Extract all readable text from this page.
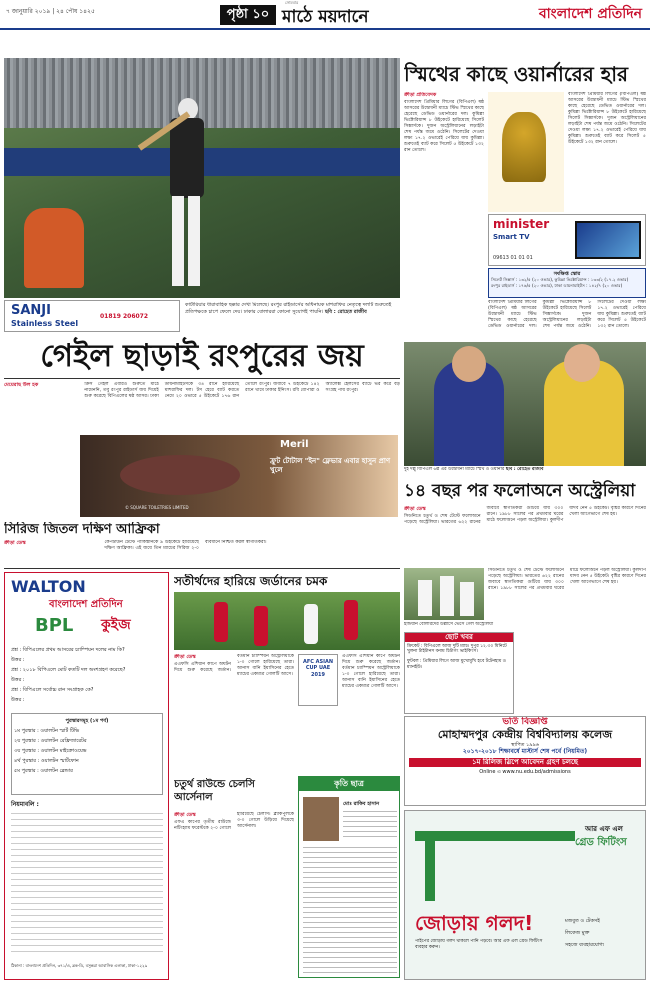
৭ জানুয়ারি ২০১৯ | ২৪ পৌষ ১৪২৫
সোমবার
পৃষ্ঠা ১০ মাঠে ময়দানে	বাংলাদেশ প্রতিদিন
SANJI
Stainless Steel
01819 206072
কার্টারিয়ার ধারাবাহিক ছক্কার দেখা মিলেছে। রংপুর রাইডার্সের অধিনায়ক মাশরাফির নেতৃত্বে দলটি শুরুতেই প্রতিপক্ষকে চাপে ফেলে দেয়। ঢাকার বোলাররা কোনো সুযোগই পায়নি। ছবি : রোহেত রাজীব
গেইল ছাড়াই রংপুরের জয়
মেয়েরাছ উল হক	ক্রিস গেইল এবারও শুরুতে মাঠে নামেননি, তবু রংপুর রাইডার্স জয় দিয়েই শুরু করেছে বিপিএলের ষষ্ঠ আসর। ঢাকা ডায়নামাইটসকে ৩৪ রানে হারিয়েছে মাশরাফির দল। টস হেরে ব্যাট করতে নেমে ২০ ওভারে ৫ উইকেটে ১৭৬ রান তোলে রংপুর। জবাবে ৭ উইকেটে ১৪২ রানে থামে ঢাকার ইনিংস। রবি বোপারা ও অ্যালেক্স হেলসের ব্যাটে ভর করে বড় সংগ্রহ পায় রংপুর।
Meril
ফ্রুট টোটাল "ইন" ফ্লেভার এবার হাসুন প্রাণ খুলে
© SQUARE TOILETRIES LIMITED
সিরিজ জিতল দক্ষিণ আফ্রিকা
ক্রীড়া ডেস্ক	কেপটাউন টেস্টে পাকিস্তানকে ৯ উইকেটে হারিয়েছে দক্ষিণ আফ্রিকা। এই জয়ে তিন ম্যাচের সিরিজ ২-০ ব্যবধানে নিশ্চিত করল স্বাগতিকরা।
WALTON
বাংলাদেশ প্রতিদিন
BPL কুইজ
প্রশ্ন : বিপিএলের প্রথম আসরের চ্যাম্পিয়ন দলের নাম কি?
উত্তর :
প্রশ্ন : ২০১৮ বিপিএলে মোট কতটি দল অংশগ্রহণ করেছে?
উত্তর :
প্রশ্ন : বিপিএলে সর্বোচ্চ রান সংগ্রাহক কে?
উত্তর :
পুরস্কারসমূহ (১ম পর্ব)
১ম পুরস্কার : ওয়ালটন স্মার্ট টিভি
২য় পুরস্কার : ওয়ালটন রেফ্রিজারেটর
৩য় পুরস্কার : ওয়ালটন মাইক্রোওয়েভ
৪র্থ পুরস্কার : ওয়ালটন স্মার্টফোন
৫ম পুরস্কার : ওয়ালটন ব্লেন্ডার
নিয়মাবলি :
ঠিকানা : বাংলাদেশ প্রতিদিন, ৩৭১/এ, ব্লক-ডি, বসুন্ধরা আবাসিক এলাকা, ঢাকা-১২২৯
সতীর্থদের হারিয়ে জর্ডানের চমক
ক্রীড়া ডেস্ক
এএফসি এশিয়ান কাপে অঘটন দিয়ে শুরু করেছে জর্ডান। বর্তমান চ্যাম্পিয়ন অস্ট্রেলিয়াকে ১-০ গোলে হারিয়েছে তারা। আনাস বানি ইয়াসিনের হেডে ম্যাচের একমাত্র গোলটি আসে।
AFC ASIAN CUP UAE 2019
এএফসি এশিয়ান কাপে অঘটন দিয়ে শুরু করেছে জর্ডান। বর্তমান চ্যাম্পিয়ন অস্ট্রেলিয়াকে ১-০ গোলে হারিয়েছে তারা। আনাস বানি ইয়াসিনের হেডে ম্যাচের একমাত্র গোলটি আসে।
চতুর্থ রাউন্ডে চেলসি আর্সেনাল
ক্রীড়া ডেস্ক
এফএ কাপের তৃতীয় রাউন্ডে নটিংহ্যাম ফরেস্টকে ২-০ গোলে হারিয়েছে চেলসি। ব্ল্যাকপুলকে ৩-০ গোলে উড়িয়ে দিয়েছে আর্সেনাল।
কৃতি ছাত্র
মোঃ রাকিব হাসান
স্মিথের কাছে ওয়ার্নারের হার
ক্রীড়া প্রতিবেদক
বাংলাদেশ প্রিমিয়ার লিগের (বিপিএল) ষষ্ঠ আসরের উদ্বোধনী ম্যাচে স্টিভ স্মিথের কাছে হেরেছে ডেভিড ওয়ার্নারের দল। কুমিল্লা ভিক্টোরিয়ান্স ৮ উইকেটে হারিয়েছে সিলেট সিক্সার্সকে। দুজন অস্ট্রেলিয়ানের লড়াইটা শেষ পর্যন্ত জমে ওঠেনি। সিলেটের দেওয়া লক্ষ্য ১৭.২ ওভারেই পেরিয়ে যায় কুমিল্লা। শুরুতেই ব্যাট করে সিলেট ৫ উইকেটে ১৩২ রান তোলে।
বাংলাদেশ প্রিমিয়ার লিগের (বিপিএল) ষষ্ঠ আসরের উদ্বোধনী ম্যাচে স্টিভ স্মিথের কাছে হেরেছে ডেভিড ওয়ার্নারের দল। কুমিল্লা ভিক্টোরিয়ান্স ৮ উইকেটে হারিয়েছে সিলেট সিক্সার্সকে। দুজন অস্ট্রেলিয়ানের লড়াইটা শেষ পর্যন্ত জমে ওঠেনি। সিলেটের দেওয়া লক্ষ্য ১৭.২ ওভারেই পেরিয়ে যায় কুমিল্লা। শুরুতেই ব্যাট করে সিলেট ৫ উইকেটে ১৩২ রান তোলে।
minister
Smart TV
09613 01 01 01
সংক্ষিপ্ত স্কোর
সিলেট সিক্সার্স : ১৩২/৫ (২০ ওভার), কুমিল্লা ভিক্টোরিয়ান্স : ১৩৩/২ (১৭.২ ওভার)
রংপুর রাইডার্স : ১৭৬/৫ (২০ ওভার), ঢাকা ডায়নামাইটস : ১৪২/৭ (২০ ওভার)
বাংলাদেশ প্রিমিয়ার লিগের (বিপিএল) ষষ্ঠ আসরের উদ্বোধনী ম্যাচে স্টিভ স্মিথের কাছে হেরেছে ডেভিড ওয়ার্নারের দল। কুমিল্লা ভিক্টোরিয়ান্স ৮ উইকেটে হারিয়েছে সিলেট সিক্সার্সকে। দুজন অস্ট্রেলিয়ানের লড়াইটা শেষ পর্যন্ত জমে ওঠেনি। সিলেটের দেওয়া লক্ষ্য ১৭.২ ওভারেই পেরিয়ে যায় কুমিল্লা। শুরুতেই ব্যাট করে সিলেট ৫ উইকেটে ১৩২ রান তোলে।
দুই দল্লু বিপিএল ৬ষ্ঠ এর উদ্বোধনী ম্যাচে স্মিথ ও ওয়ার্নার ছবি : রোহেত রাজীব
১৪ বছর পর ফলোঅনে অস্ট্রেলিয়া
ক্রীড়া ডেস্ক
সিডনিতে চতুর্থ ও শেষ টেস্টে ফলোঅনে পড়েছে অস্ট্রেলিয়া। ভারতের ৬২২ রানের জবাবে স্বাগতিকরা গুটিয়ে যায় ৩০০ রানে। ১৯৮৮ সালের পর প্রথমবার ঘরের মাঠে ফলোঅনে পড়ল অস্ট্রেলিয়া। কুলদীপ যাদব নেন ৫ উইকেট। বৃষ্টির কারণে দিনের খেলা আগেভাগে শেষ হয়।
সিডনিতে চতুর্থ ও শেষ টেস্টে ফলোঅনে পড়েছে অস্ট্রেলিয়া। ভারতের ৬২২ রানের জবাবে স্বাগতিকরা গুটিয়ে যায় ৩০০ রানে। ১৯৮৮ সালের পর প্রথমবার ঘরের মাঠে ফলোঅনে পড়ল অস্ট্রেলিয়া। কুলদীপ যাদব নেন ৫ উইকেট। বৃষ্টির কারণে দিনের খেলা আগেভাগে শেষ হয়।
ইন্ডিয়ান বোলারদের উল্লাসে ভেসে গেল অস্ট্রেলিয়া
ছোট খবর
ক্রিকেট : বিপিএলে আজ দুটি ম্যাচ। দুপুর ১২.৩০ মিনিটে খুলনা টাইটানস বনাম চিটাগং ভাইকিংস।
ফুটবল : প্রিমিয়ার লিগে আজ মুখোমুখি হবে টটেনহাম ও ম্যানইউ।
ভর্তি বিজ্ঞপ্তি
মোহাম্মদপুর কেন্দ্রীয় বিশ্ববিদ্যালয় কলেজ
স্থাপিত ১৯৯৬
২০১৭-২০১৮ শিক্ষাবর্ষে মাস্টার্স শেষ পর্বে (নিয়মিত)
১ম রিলিজ স্লিপে আবেদন গ্রহণ চলছে
Online এ www.nu.edu.bd/admissions
আর এফ এল
গ্রেড ফিটিংস
জোড়ায় গলদ!
পাইপের জোড়ায় গলদ থাকলে পানি পড়বে। আর এফ এল গ্রেড ফিটিংস ব্যবহার করুন।
মজবুত ও টেকসই
লিকেজ মুক্ত
সহজে ব্যবহারযোগ্য
